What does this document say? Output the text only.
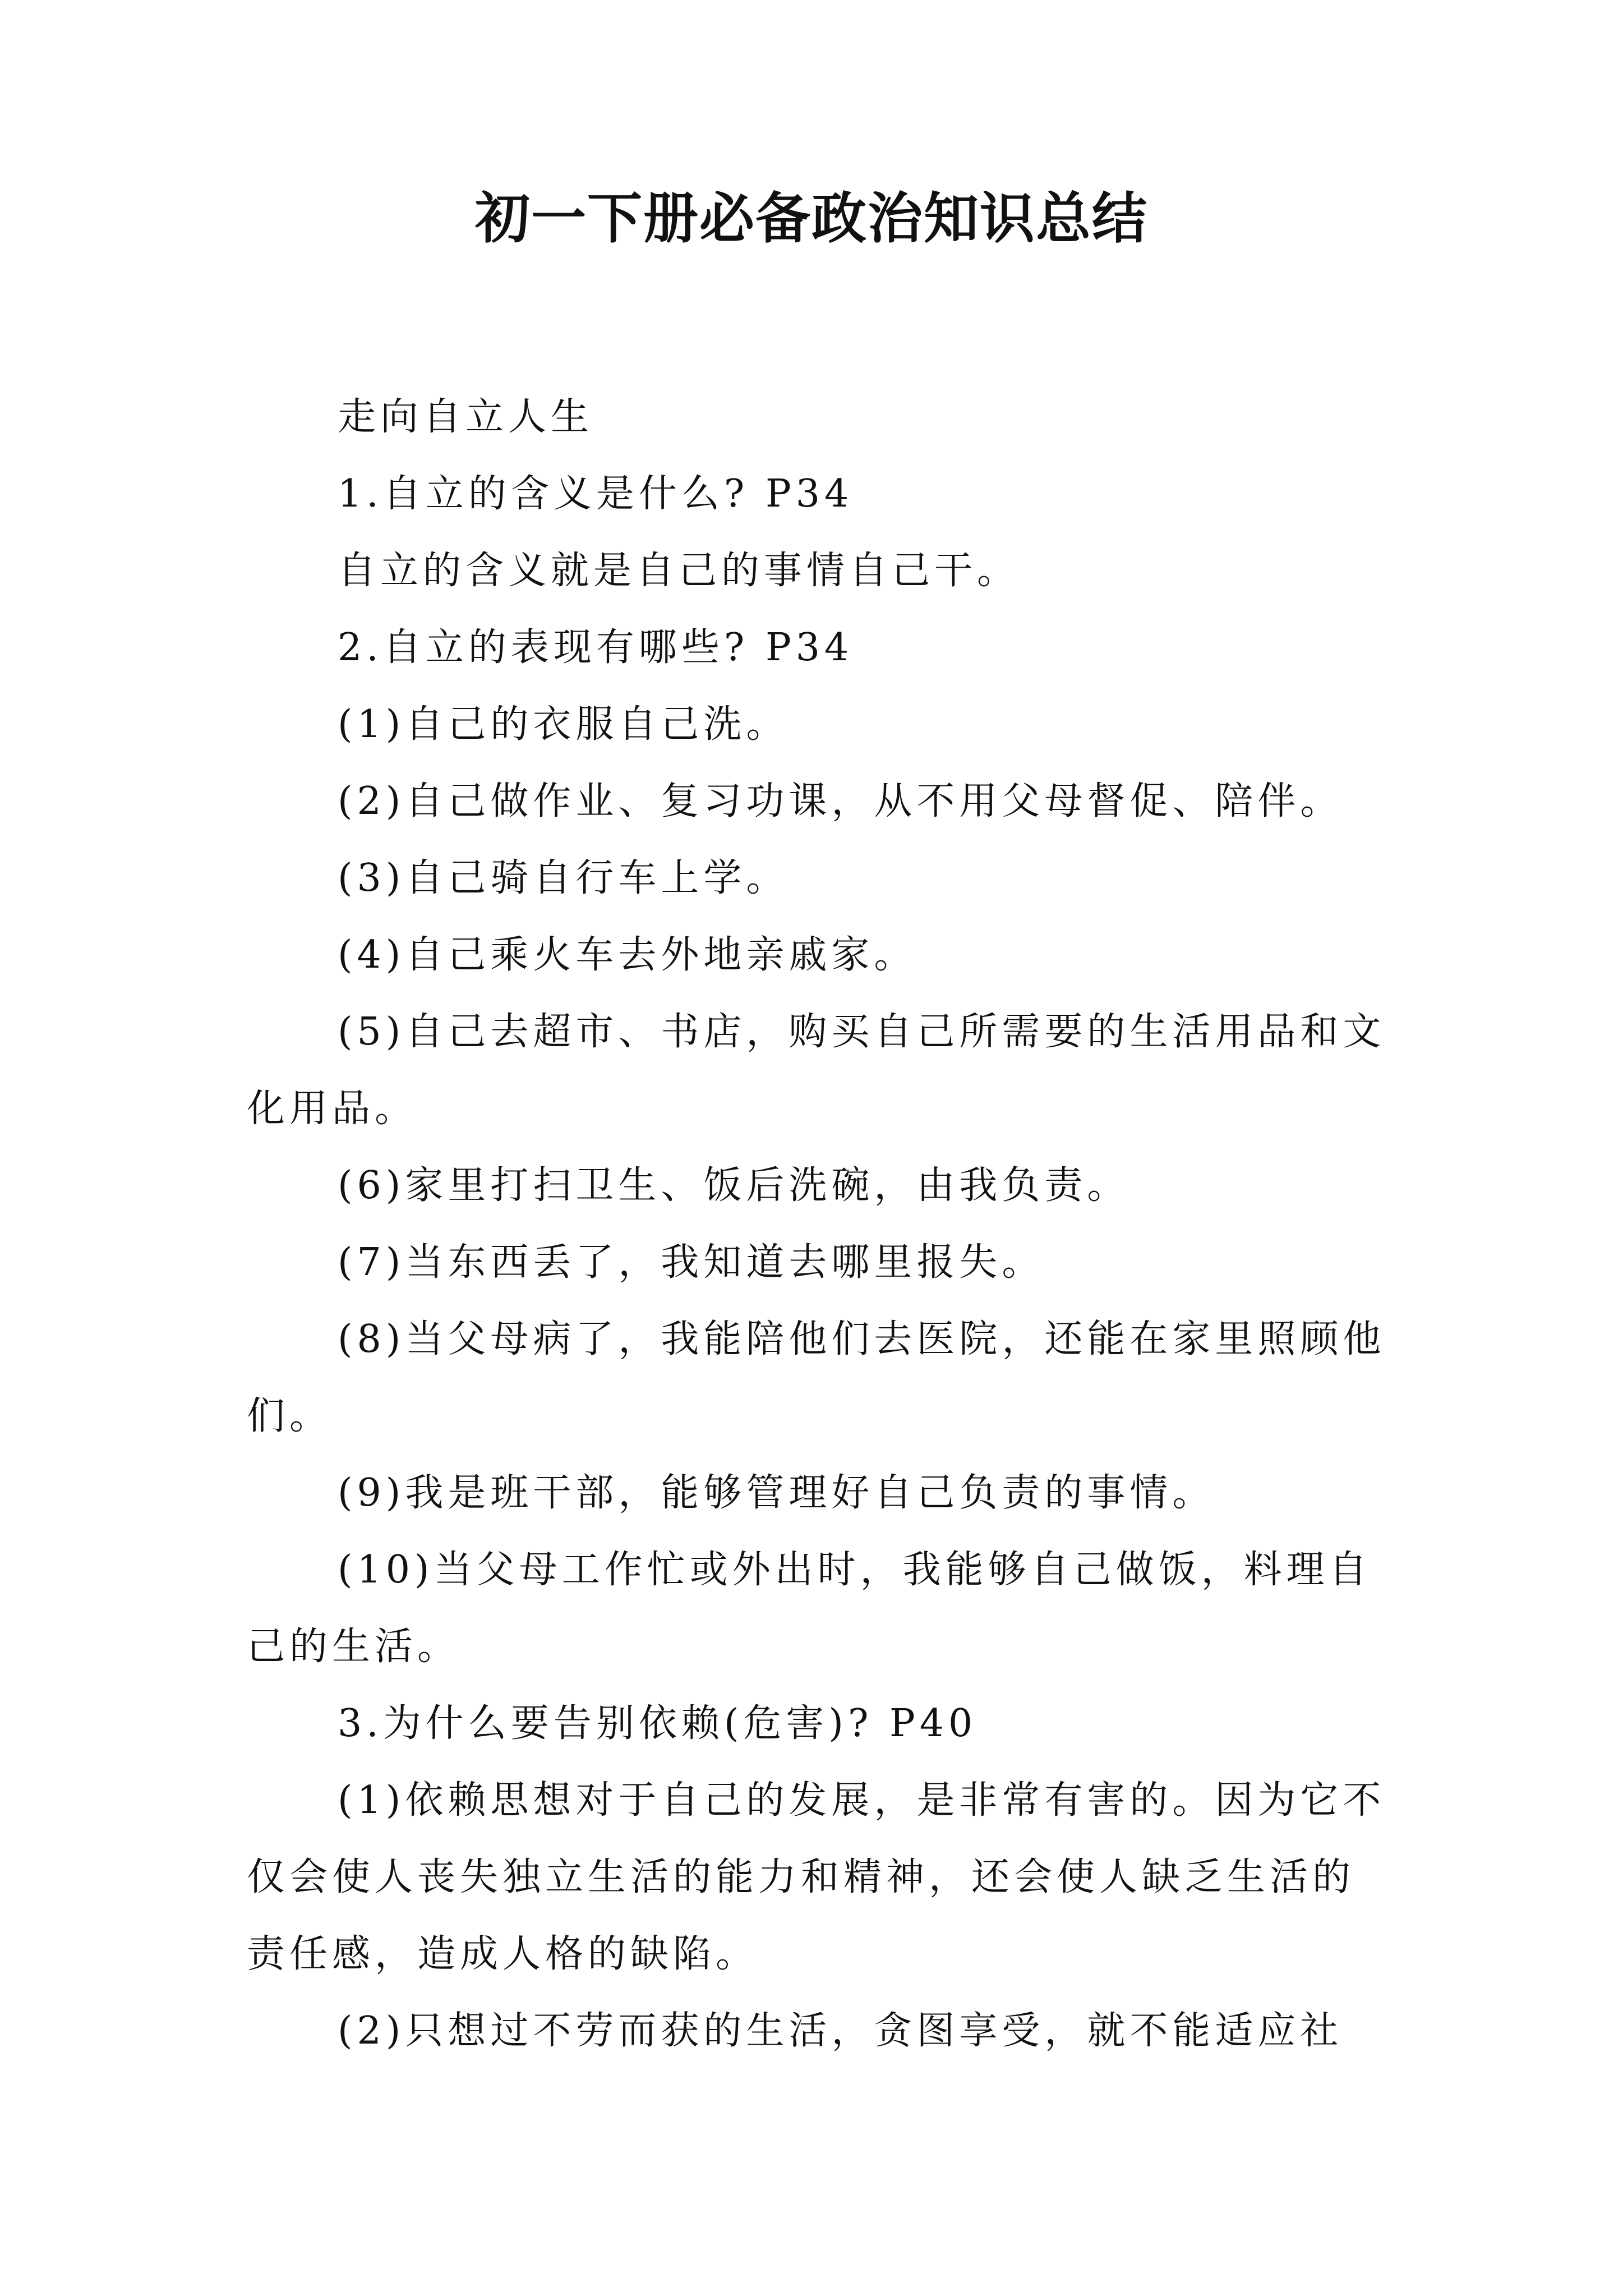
初一下册必备政治知识总结

走向自立人生

1.自立的含义是什么? P34

自立的含义就是自己的事情自己干。

2.自立的表现有哪些? P34

(1)自己的衣服自己洗。

(2)自己做作业、复习功课，从不用父母督促、陪伴。

(3)自己骑自行车上学。

(4)自己乘火车去外地亲戚家。

(5)自己去超市、书店，购买自己所需要的生活用品和文化用品。

(6)家里打扫卫生、饭后洗碗，由我负责。

(7)当东西丢了，我知道去哪里报失。

(8)当父母病了，我能陪他们去医院，还能在家里照顾他们。

(9)我是班干部，能够管理好自己负责的事情。

(10)当父母工作忙或外出时，我能够自己做饭，料理自己的生活。

3.为什么要告别依赖(危害)? P40

(1)依赖思想对于自己的发展，是非常有害的。因为它不仅会使人丧失独立生活的能力和精神，还会使人缺乏生活的责任感，造成人格的缺陷。

(2)只想过不劳而获的生活，贪图享受，就不能适应社
